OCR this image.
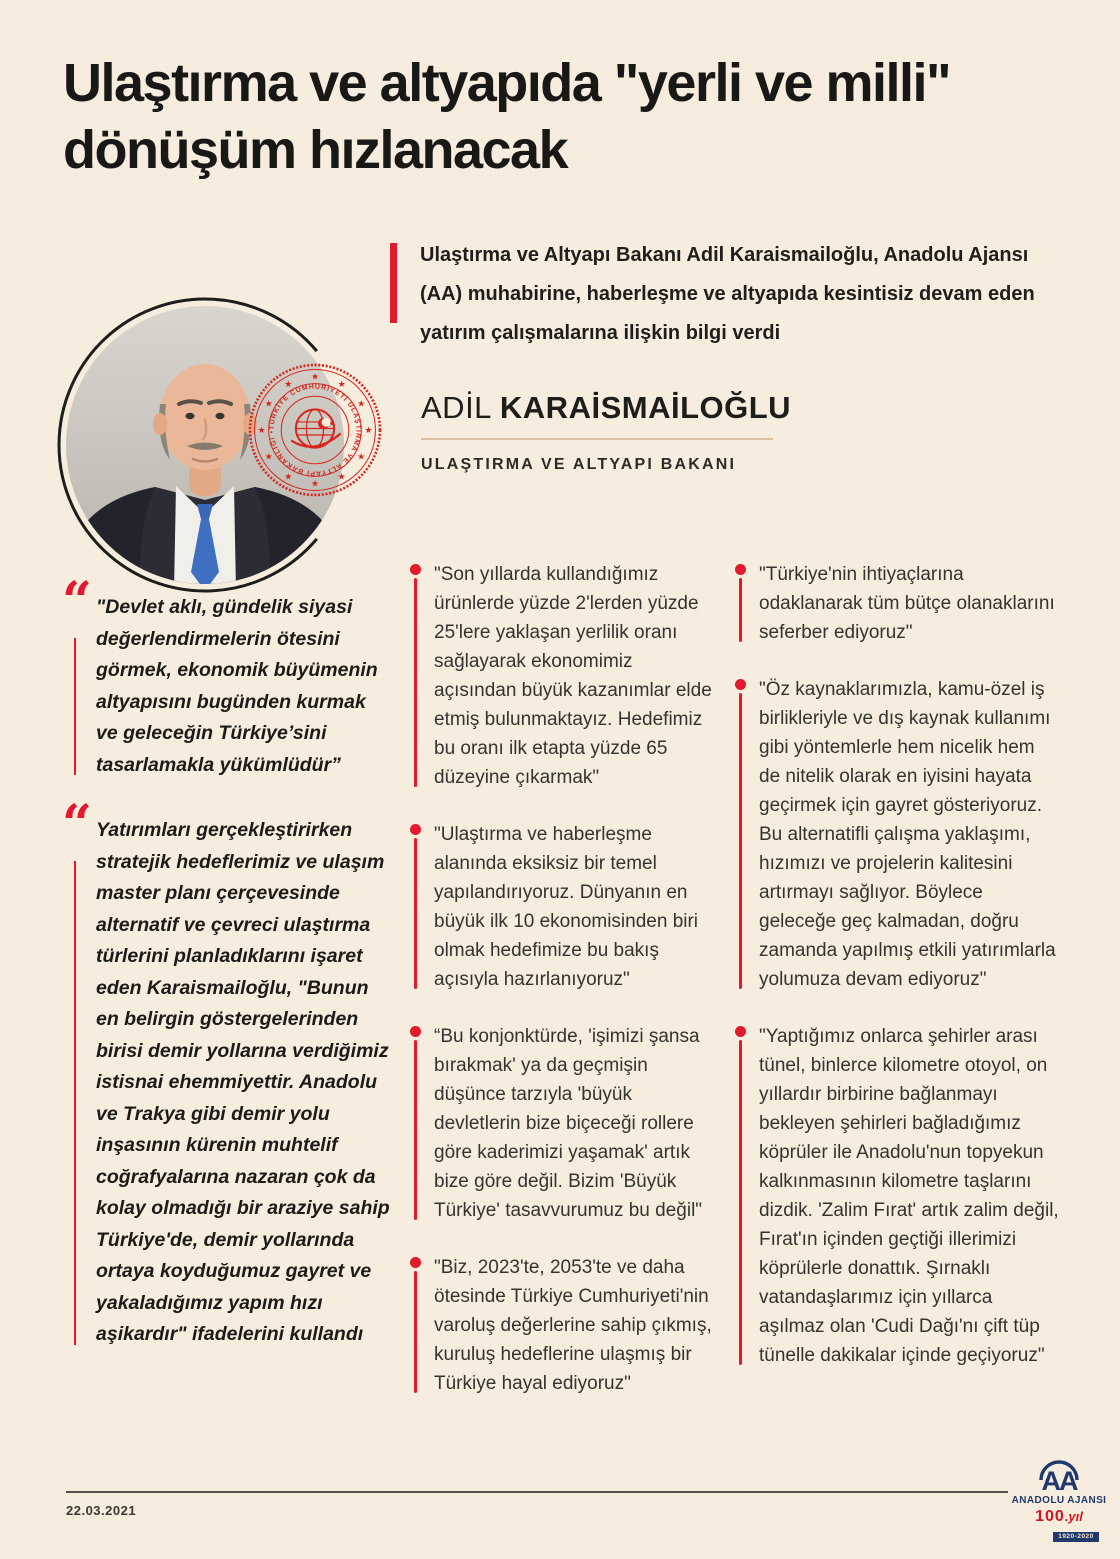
Ulaştırma ve altyapıda "yerli ve milli" dönüşüm hızlanacak

Ulaştırma ve Altyapı Bakanı Adil Karaismailoğlu, Anadolu Ajansı (AA) muhabirine, haberleşme ve altyapıda kesintisiz devam eden yatırım çalışmalarına ilişkin bilgi verdi

★
★
★
★
★
★
★
★
★
★
★
★
TÜRKİYE CUMHURİYETİ ULAŞTIRMA VE ALTYAPI BAKANLIĞI •
★	ADİL KARAİSMAİLOĞLU
ULAŞTIRMA VE ALTYAPI BAKANI
“ "Devlet aklı, gündelik siyasi değerlendirmelerin ötesini görmek, ekonomik büyümenin altyapısını bugünden kurmak ve geleceğin Türkiye’sini tasarlamakla yükümlüdür”

“ Yatırımları gerçekleştirirken stratejik hedeflerimiz ve ulaşım master planı çerçevesinde alternatif ve çevreci ulaştırma türlerini planladıklarını işaret eden Karaismailoğlu, "Bunun en belirgin göstergelerinden birisi demir yollarına verdiğimiz istisnai ehemmiyettir. Anadolu ve Trakya gibi demir yolu inşasının kürenin muhtelif coğrafyalarına nazaran çok da kolay olmadığı bir araziye sahip Türkiye'de, demir yollarında ortaya koyduğumuz gayret ve yakaladığımız yapım hızı aşikardır" ifadelerini kullandı

"Son yıllarda kullandığımız ürünlerde yüzde 2'lerden yüzde 25'lere yaklaşan yerlilik oranı sağlayarak ekonomimiz açısından büyük kazanımlar elde etmiş bulunmaktayız. Hedefimiz bu oranı ilk etapta yüzde 65 düzeyine çıkarmak"

"Ulaştırma ve haberleşme alanında eksiksiz bir temel yapılandırıyoruz. Dünyanın en büyük ilk 10 ekonomisinden biri olmak hedefimize bu bakış açısıyla hazırlanıyoruz"

“Bu konjonktürde, 'işimizi şansa bırakmak' ya da geçmişin düşünce tarzıyla 'büyük devletlerin bize biçeceği rollere göre kaderimizi yaşamak' artık bize göre değil. Bizim 'Büyük Türkiye' tasavvurumuz bu değil"

"Biz, 2023'te, 2053'te ve daha ötesinde Türkiye Cumhuriyeti'nin varoluş değerlerine sahip çıkmış, kuruluş hedeflerine ulaşmış bir Türkiye hayal ediyoruz"

"Türkiye'nin ihtiyaçlarına odaklanarak tüm bütçe olanaklarını seferber ediyoruz"

"Öz kaynaklarımızla, kamu-özel iş birlikleriyle ve dış kaynak kullanımı gibi yöntemlerle hem nicelik hem de nitelik olarak en iyisini hayata geçirmek için gayret gösteriyoruz. Bu alternatifli çalışma yaklaşımı, hızımızı ve projelerin kalitesini artırmayı sağlıyor. Böylece geleceğe geç kalmadan, doğru zamanda yapılmış etkili yatırımlarla yolumuza devam ediyoruz"

"Yaptığımız onlarca şehirler arası tünel, binlerce kilometre otoyol, on yıllardır birbirine bağlanmayı bekleyen şehirleri bağladığımız köprüler ile Anadolu'nun topyekun kalkınmasının kilometre taşlarını dizdik. 'Zalim Fırat' artık zalim değil, Fırat'ın içinden geçtiği illerimizi köprülerle donattık. Şırnaklı vatandaşlarımız için yıllarca aşılmaz olan 'Cudi Dağı'nı çift tüp tünelle dakikalar içinde geçiyoruz"

22.03.2021
AA
ANADOLU AJANSI
100.yıl
1920-2020
